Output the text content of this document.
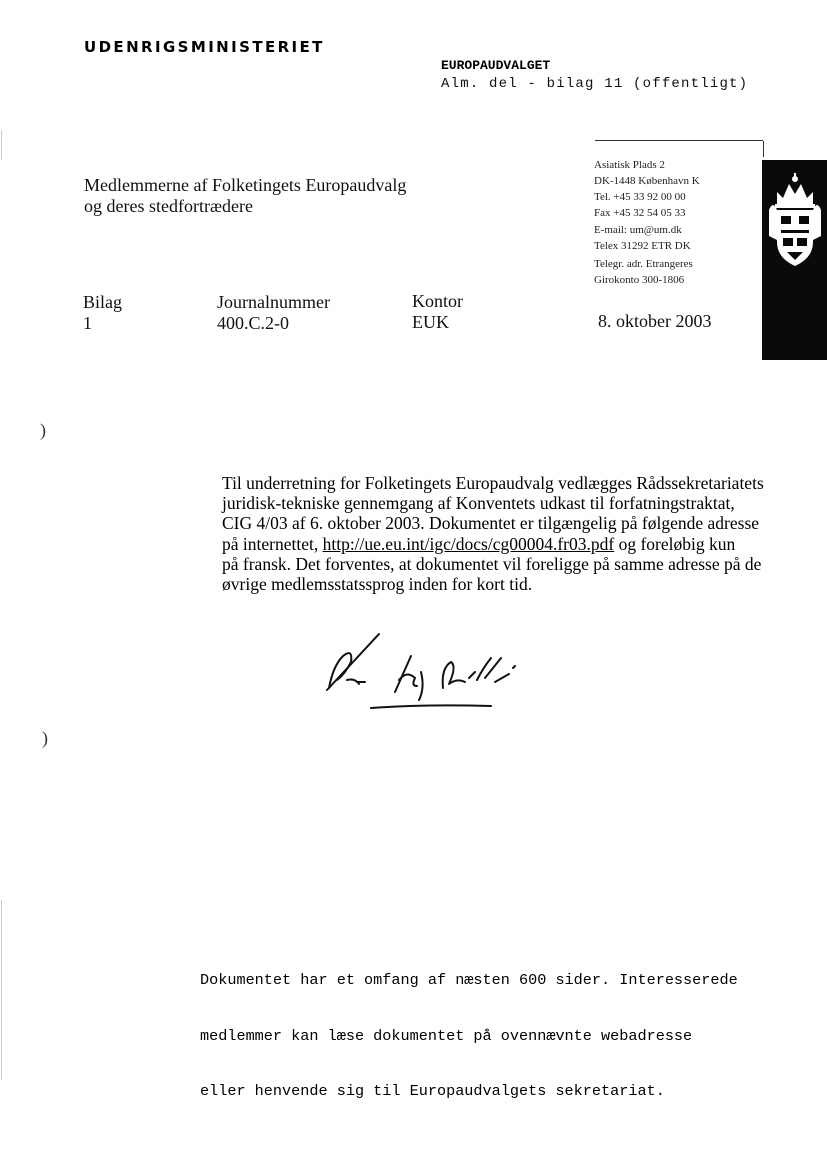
UDENRIGSMINISTERIET
EUROPAUDVALGET
Alm. del - bilag 11 (offentligt)
Medlemmerne af Folketingets Europaudvalg
og deres stedfortrædere
Asiatisk Plads 2
DK-1448 København K
Tel. +45 33 92 00 00
Fax +45 32 54 05 33
E-mail: um@um.dk
Telex 31292 ETR DK
Telegr. adr. Etrangeres
Girokonto 300-1806
Bilag
1
Journalnummer
400.C.2-0
Kontor
EUK	8. oktober 2003
)
)
Til underretning for Folketingets Europaudvalg vedlægges Rådssekretariatets
juridisk-tekniske gennemgang af Konventets udkast til forfatningstraktat,
CIG 4/03 af 6. oktober 2003. Dokumentet er tilgængelig på følgende adresse
på internettet, http://ue.eu.int/igc/docs/cg00004.fr03.pdf og foreløbig kun
på fransk. Det forventes, at dokumentet vil foreligge på samme adresse på de
øvrige medlemsstatssprog inden for kort tid.

Dokumentet har et omfang af næsten 600 sider. Interesserede

medlemmer kan læse dokumentet på ovennævnte webadresse

eller henvende sig til Europaudvalgets sekretariat.
